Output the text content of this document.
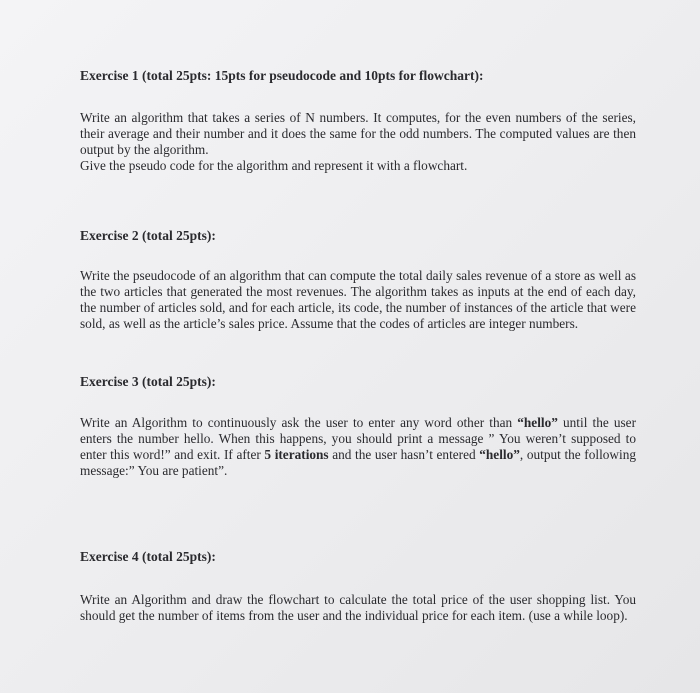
Exercise 1 (total 25pts: 15pts for pseudocode and 10pts for flowchart):

Write an algorithm that takes a series of N numbers. It computes, for the even numbers of the series, their average and their number and it does the same for the odd numbers. The computed values are then output by the algorithm.
Give the pseudo code for the algorithm and represent it with a flowchart.

Exercise 2 (total 25pts):

Write the pseudocode of an algorithm that can compute the total daily sales revenue of a store as well as the two articles that generated the most revenues. The algorithm takes as inputs at the end of each day, the number of articles sold, and for each article, its code, the number of instances of the article that were sold, as well as the article’s sales price. Assume that the codes of articles are integer numbers.

Exercise 3 (total 25pts):

Write an Algorithm to continuously ask the user to enter any word other than “hello” until the user enters the number hello. When this happens, you should print a message ” You weren’t supposed to enter this word!” and exit. If after 5 iterations and the user hasn’t entered “hello”, output the following message:” You are patient”.

Exercise 4 (total 25pts):

Write an Algorithm and draw the flowchart to calculate the total price of the user shopping list. You should get the number of items from the user and the individual price for each item. (use a while loop).
